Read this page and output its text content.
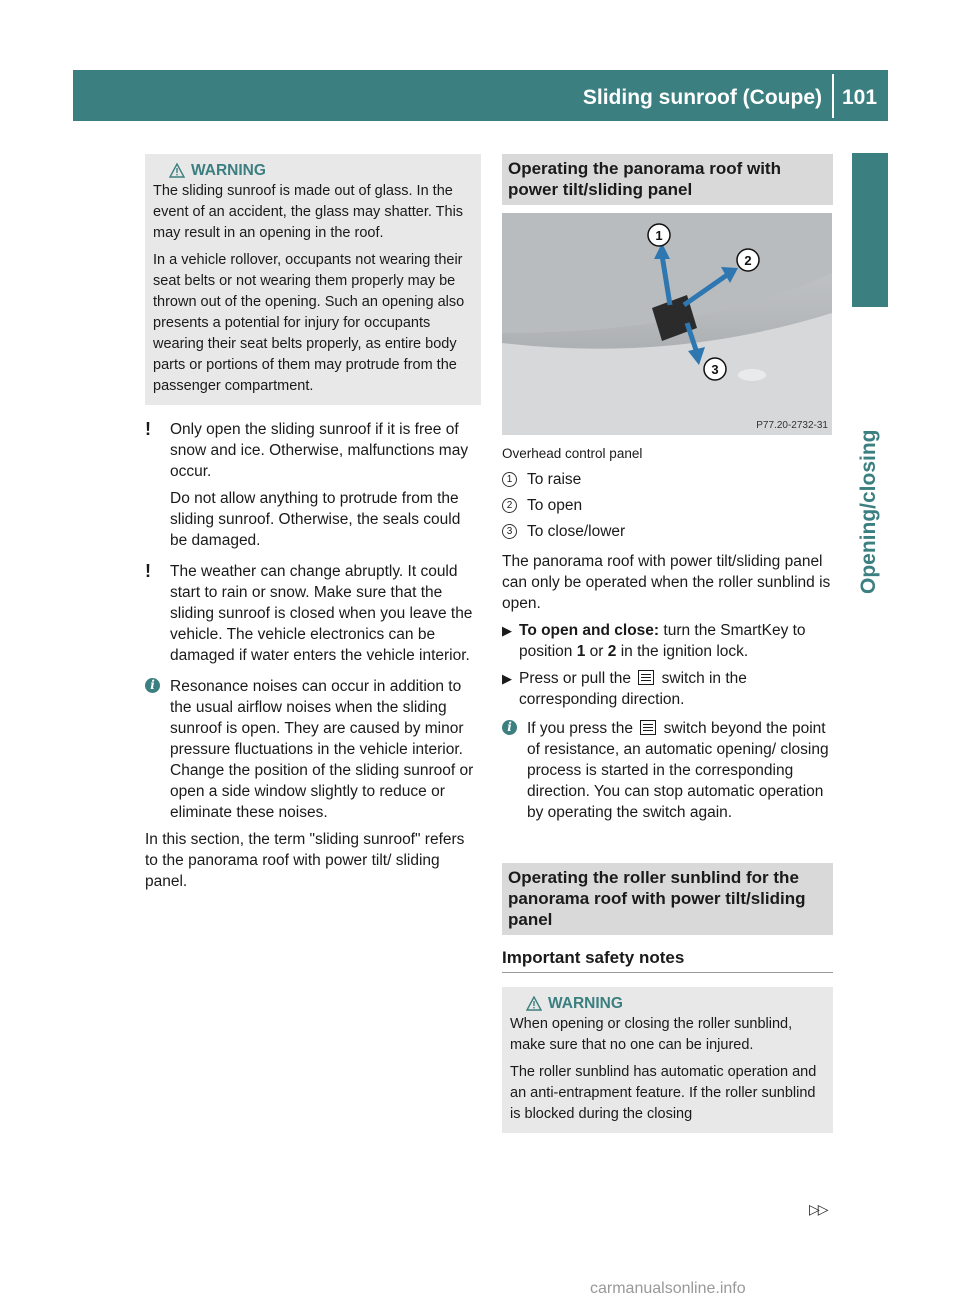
Sliding sunroof (Coupe) 101
Opening/closing
WARNING

The sliding sunroof is made out of glass. In the event of an accident, the glass may shatter. This may result in an opening in the roof.

In a vehicle rollover, occupants not wearing their seat belts or not wearing them properly may be thrown out of the opening. Such an opening also presents a potential for injury for occupants wearing their seat belts properly, as entire body parts or portions of them may protrude from the passenger compartment.

! Only open the sliding sunroof if it is free of snow and ice. Otherwise, malfunctions may occur.

Do not allow anything to protrude from the sliding sunroof. Otherwise, the seals could be damaged.

! The weather can change abruptly. It could start to rain or snow. Make sure that the sliding sunroof is closed when you leave the vehicle. The vehicle electronics can be damaged if water enters the vehicle interior.

i Resonance noises can occur in addition to the usual airflow noises when the sliding sunroof is open. They are caused by minor pressure fluctuations in the vehicle interior. Change the position of the sliding sunroof or open a side window slightly to reduce or eliminate these noises.

In this section, the term "sliding sunroof" refers to the panorama roof with power tilt/ sliding panel.

Operating the panorama roof with power tilt/sliding panel
1
2
3
P77.20-2732-31
Overhead control panel
1 To raise
2 To open
3 To close/lower

The panorama roof with power tilt/sliding panel can only be operated when the roller sunblind is open.

▶ To open and close: turn the SmartKey to position 1 or 2 in the ignition lock.
▶ Press or pull the  switch in the corresponding direction.
i If you press the  switch beyond the point of resistance, an automatic opening/ closing process is started in the corresponding direction. You can stop automatic operation by operating the switch again.
Operating the roller sunblind for the panorama roof with power tilt/sliding panel
Important safety notes
WARNING

When opening or closing the roller sunblind, make sure that no one can be injured.

The roller sunblind has automatic operation and an anti-entrapment feature. If the roller sunblind is blocked during the closing

▷▷
carmanualsonline.info
